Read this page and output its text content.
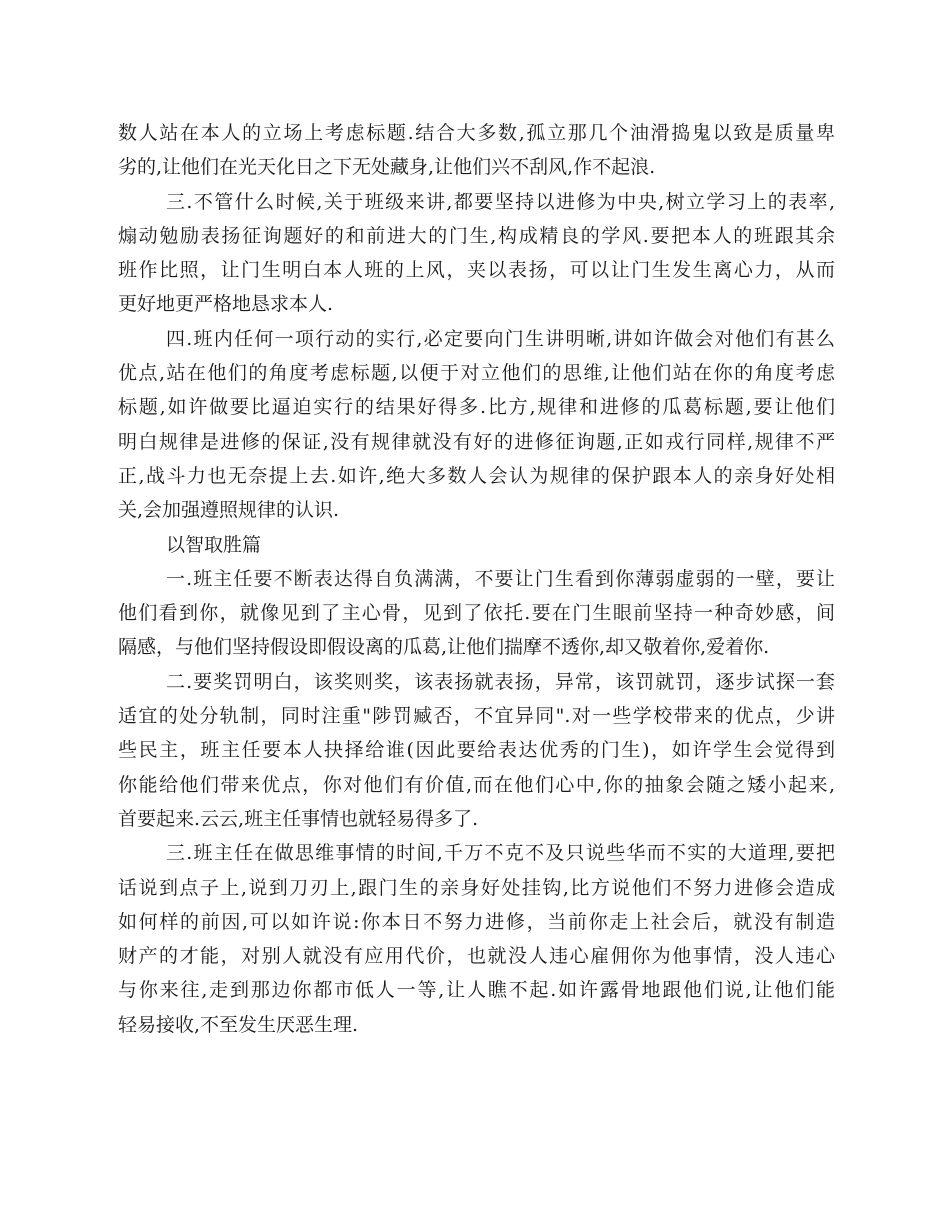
数人站在本人的立场上考虑标题.结合大多数,孤立那几个油滑捣鬼以致是质量卑
劣的,让他们在光天化日之下无处藏身,让他们兴不刮风,作不起浪.
三.不管什么时候,关于班级来讲,都要坚持以进修为中央,树立学习上的表率,
煽动勉励表扬征询题好的和前进大的门生,构成精良的学风.要把本人的班跟其余
班作比照，让门生明白本人班的上风，夹以表扬，可以让门生发生离心力，从而
更好地更严格地恳求本人.
四.班内任何一项行动的实行,必定要向门生讲明晰,讲如许做会对他们有甚么
优点,站在他们的角度考虑标题,以便于对立他们的思维,让他们站在你的角度考虑
标题,如许做要比逼迫实行的结果好得多.比方,规律和进修的瓜葛标题,要让他们
明白规律是进修的保证,没有规律就没有好的进修征询题,正如戎行同样,规律不严
正,战斗力也无奈提上去.如许,绝大多数人会认为规律的保护跟本人的亲身好处相
关,会加强遵照规律的认识.
以智取胜篇
一.班主任要不断表达得自负满满，不要让门生看到你薄弱虚弱的一壁，要让
他们看到你，就像见到了主心骨，见到了依托.要在门生眼前坚持一种奇妙感，间
隔感，与他们坚持假设即假设离的瓜葛,让他们揣摩不透你,却又敬着你,爱着你.
二.要奖罚明白，该奖则奖，该表扬就表扬，异常，该罚就罚，逐步试探一套
适宜的处分轨制，同时注重"陟罚臧否，不宜异同".对一些学校带来的优点，少讲
些民主，班主任要本人抉择给谁(因此要给表达优秀的门生)，如许学生会觉得到
你能给他们带来优点，你对他们有价值,而在他们心中,你的抽象会随之矮小起来,
首要起来.云云,班主任事情也就轻易得多了.
三.班主任在做思维事情的时间,千万不克不及只说些华而不实的大道理,要把
话说到点子上,说到刀刃上,跟门生的亲身好处挂钩,比方说他们不努力进修会造成
如何样的前因,可以如许说:你本日不努力进修，当前你走上社会后，就没有制造
财产的才能，对别人就没有应用代价，也就没人违心雇佣你为他事情，没人违心
与你来往,走到那边你都市低人一等,让人瞧不起.如许露骨地跟他们说,让他们能
轻易接收,不至发生厌恶生理.
